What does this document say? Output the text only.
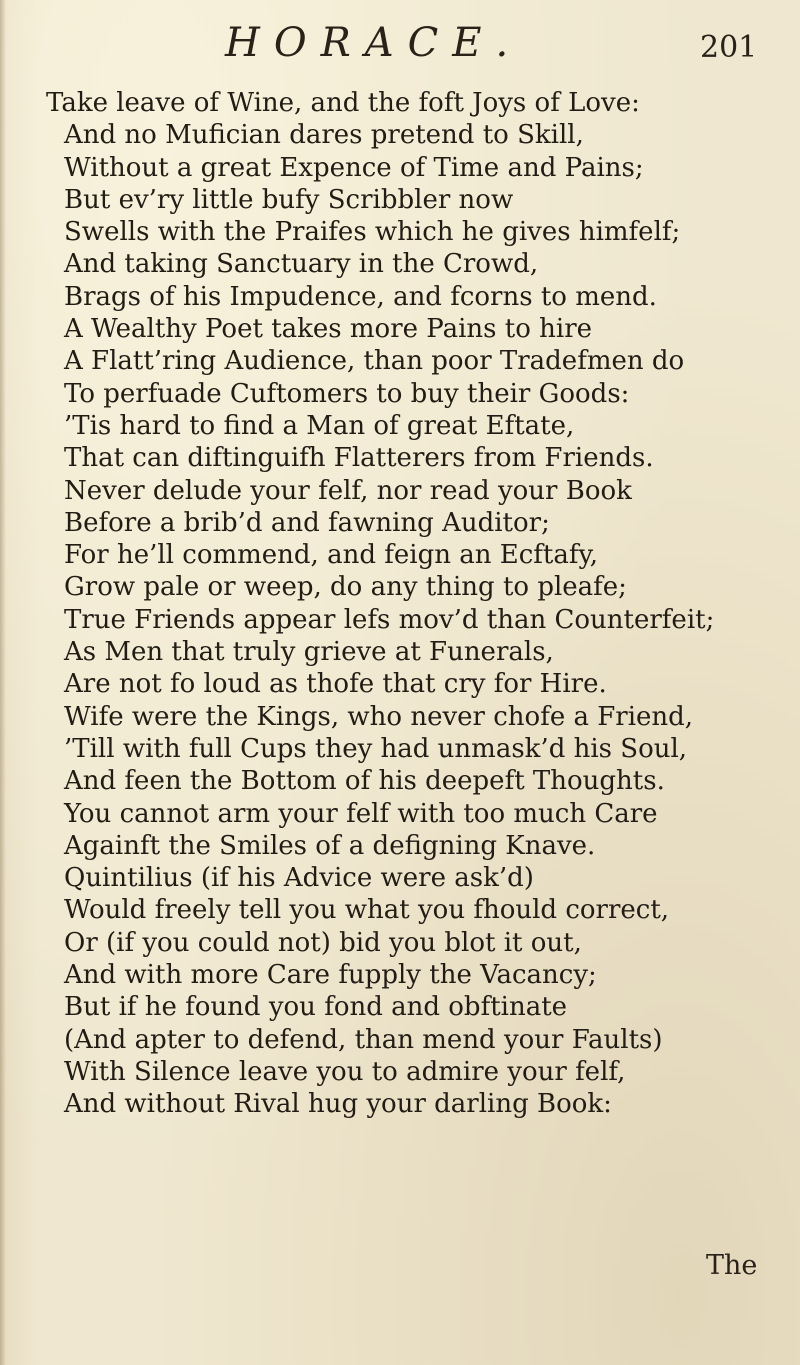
HORACE.	201
Take leave of Wine, and the foft Joys of Love:
And no Mufician dares pretend to Skill,
Without a great Expence of Time and Pains;
But ev’ry little bufy Scribbler now
Swells with the Praifes which he gives himfelf;
And taking Sanctuary in the Crowd,
Brags of his Impudence, and fcorns to mend.
A Wealthy Poet takes more Pains to hire
A Flatt’ring Audience, than poor Tradefmen do
To perfuade Cuftomers to buy their Goods:
’Tis hard to find a Man of great Eftate,
That can diftinguifh Flatterers from Friends.
Never delude your felf, nor read your Book
Before a brib’d and fawning Auditor;
For he’ll commend, and feign an Ecftafy,
Grow pale or weep, do any thing to pleafe;
True Friends appear lefs mov’d than Counterfeit;
As Men that truly grieve at Funerals,
Are not fo loud as thofe that cry for Hire.
Wife were the Kings, who never chofe a Friend,
’Till with full Cups they had unmask’d his Soul,
And feen the Bottom of his deepeft Thoughts.
You cannot arm your felf with too much Care
Againft the Smiles of a defigning Knave.
Quintilius (if his Advice were ask’d)
Would freely tell you what you fhould correct,
Or (if you could not) bid you blot it out,
And with more Care fupply the Vacancy;
But if he found you fond and obftinate
(And apter to defend, than mend your Faults)
With Silence leave you to admire your felf,
And without Rival hug your darling Book:
The
